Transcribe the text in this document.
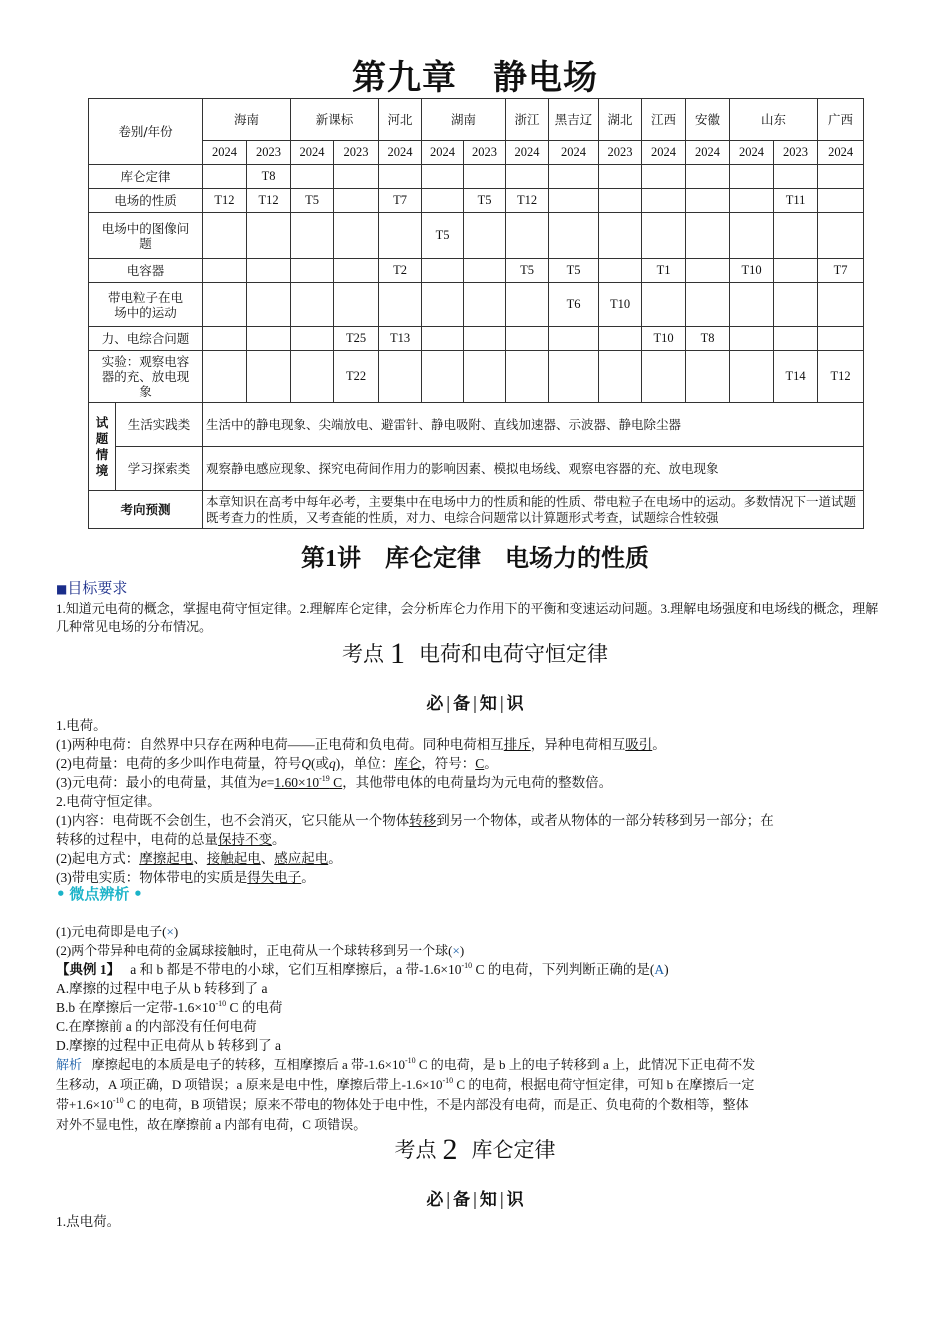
第九章 静电场
卷别/年份		海南		新课标		河北	湖南		浙江	黑吉辽	湖北	江西	安徽	山东		广西
		2024	2023	2024	2023	2024	2024	2023	2024	2024	2023	2024	2024	2024	2023	2024
库仑定律			T8													
电场的性质		T12	T12	T5		T7		T5	T12						T11	
电场中的图像问题							T5									
电容器						T2			T5	T5		T1		T10		T7
带电粒子在电场中的运动										T6	T10					
力、电综合问题					T25	T13						T10	T8			
实验：观察电容器的充、放电现象					T22										T14	T12
试题情境	生活实践类	生活中的静电现象、尖端放电、避雷针、静电吸附、直线加速器、示波器、静电除尘器														
	学习探索类	观察静电感应现象、探究电荷间作用力的影响因素、模拟电场线、观察电容器的充、放电现象														
考向预测		本章知识在高考中每年必考，主要集中在电场中力的性质和能的性质、带电粒子在电场中的运动。多数情况下一道试题既考查力的性质，又考查能的性质，对力、电综合问题常以计算题形式考查，试题综合性较强														
第1讲　库仑定律　电场力的性质
■目标要求
1.知道元电荷的概念，掌握电荷守恒定律。2.理解库仑定律，会分析库仑力作用下的平衡和变速运动问题。3.理解电场强度和电场线的概念，理解几种常见电场的分布情况。
考点 1 电荷和电荷守恒定律
必 | 备 | 知 | 识
1.电荷。
(1)两种电荷：自然界中只存在两种电荷——正电荷和负电荷。同种电荷相互排斥，异种电荷相互吸引。
(2)电荷量：电荷的多少叫作电荷量，符号Q(或q)，单位：库仑，符号：C。
(3)元电荷：最小的电荷量，其值为$e=1.60\times 10^{-19}$ C，其他带电体的电荷量均为元电荷的整数倍。
2.电荷守恒定律。
(1)内容：电荷既不会创生，也不会消灭，它只能从一个物体转移到另一个物体，或者从物体的一部分转移到另一部分；在
转移的过程中，电荷的总量保持不变。
(2)起电方式：摩擦起电、接触起电、感应起电。
(3)带电实质：物体带电的实质是得失电子。
• 微点辨析 •
(1)元电荷即是电子(×)
(2)两个带异种电荷的金属球接触时，正电荷从一个球转移到另一个球(×)
【典例 1】 a 和 b 都是不带电的小球，它们互相摩擦后，a 带$-1.6\times 10^{-10}$ C 的电荷，下列判断正确的是(A)
A.摩擦的过程中电子从 b 转移到了 a
B.b 在摩擦后一定带$-1.6\times 10^{-10}$ C 的电荷
C.在摩擦前 a 的内部没有任何电荷
D.摩擦的过程中正电荷从 b 转移到了 a
解析 摩擦起电的本质是电子的转移，互相摩擦后 a 带$-1.6\times 10^{-10}$ C 的电荷，是 b 上的电子转移到 a 上，此情况下正电荷不发
生移动，A 项正确，D 项错误；a 原来是电中性，摩擦后带上$-1.6\times 10^{-10}$ C 的电荷，根据电荷守恒定律，可知 b 在摩擦后一定
带$+1.6\times 10^{-10}$ C 的电荷，B 项错误；原来不带电的物体处于电中性，不是内部没有电荷，而是正、负电荷的个数相等，整体
对外不显电性，故在摩擦前 a 内部有电荷，C 项错误。
考点 2 库仑定律
必 | 备 | 知 | 识
1.点电荷。
